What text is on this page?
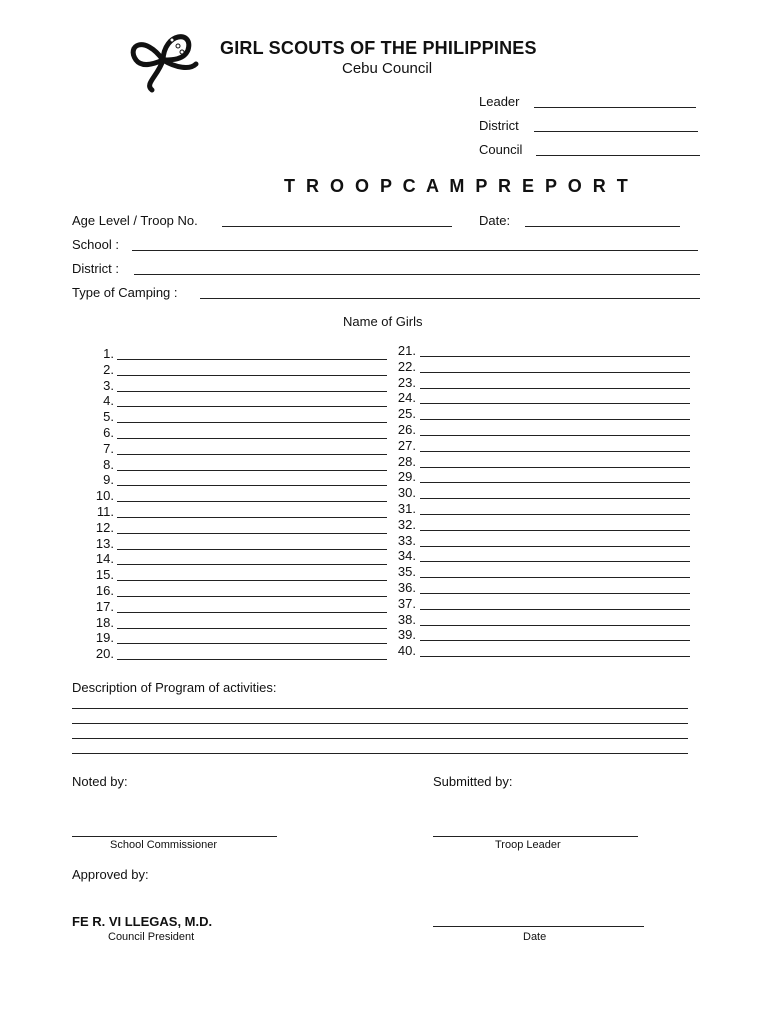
GIRL SCOUTS OF THE PHILIPPINES
Cebu Council
Leader
District
Council
T R O O P C A M P R E P O R T
Age Level / Troop No.	Date:
School :
District :
Type of Camping :
Name of Girls
1.
2.
3.
4.
5.
6.
7.
8.
9.
10.
11.
12.
13.
14.
15.
16.
17.
18.
19.
20.
21.
22.
23.
24.
25.
26.
27.
28.
29.
30.
31.
32.
33.
34.
35.
36.
37.
38.
39.
40.
Description of Program of activities:
Noted by:	Submitted by:
School Commissioner	Troop Leader
Approved by:
FE R. VI LLEGAS, M.D.
Council President	Date
